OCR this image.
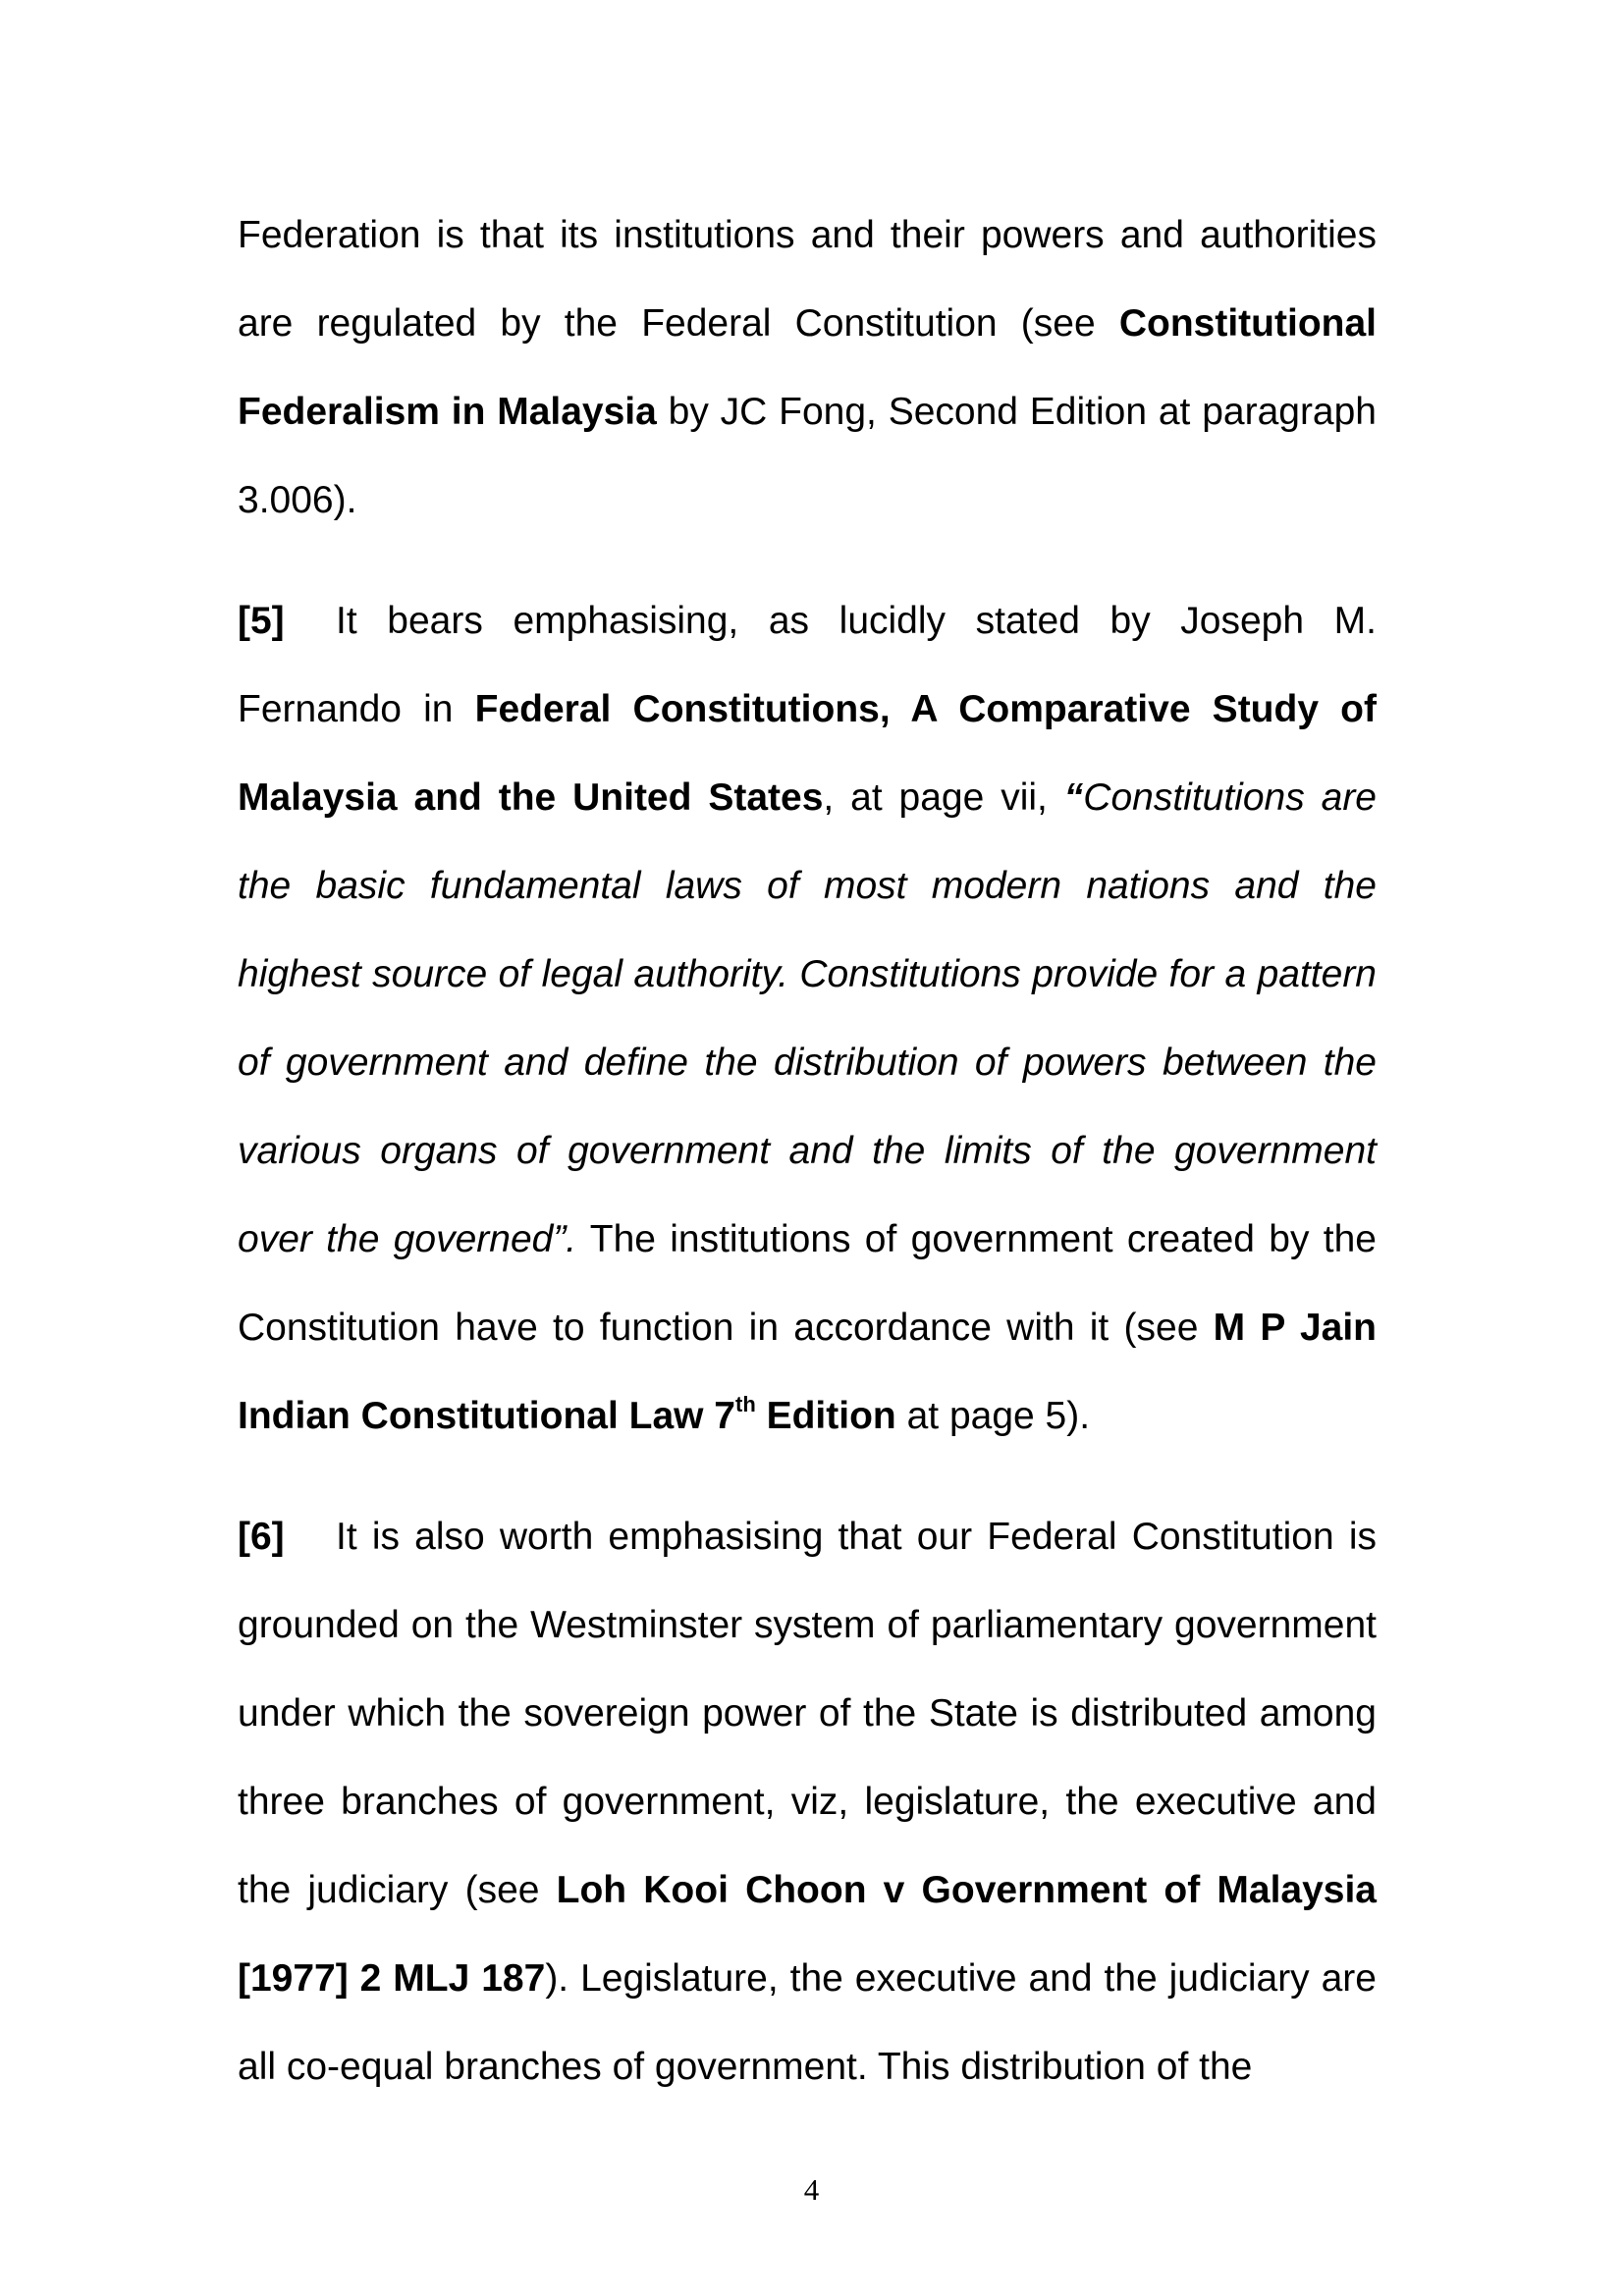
Federation is that its institutions and their powers and authorities are regulated by the Federal Constitution (see Constitutional Federalism in Malaysia by JC Fong, Second Edition at paragraph 3.006).

[5] It bears emphasising, as lucidly stated by Joseph M. Fernando in Federal Constitutions, A Comparative Study of Malaysia and the United States, at page vii, “Constitutions are the basic fundamental laws of most modern nations and the highest source of legal authority. Constitutions provide for a pattern of government and define the distribution of powers between the various organs of government and the limits of the government over the governed”. The institutions of government created by the Constitution have to function in accordance with it (see M P Jain Indian Constitutional Law 7th Edition at page 5).

[6] It is also worth emphasising that our Federal Constitution is grounded on the Westminster system of parliamentary government under which the sovereign power of the State is distributed among three branches of government, viz, legislature, the executive and the judiciary (see Loh Kooi Choon v Government of Malaysia [1977] 2 MLJ 187). Legislature, the executive and the judiciary are all co-equal branches of government. This distribution of the

4
